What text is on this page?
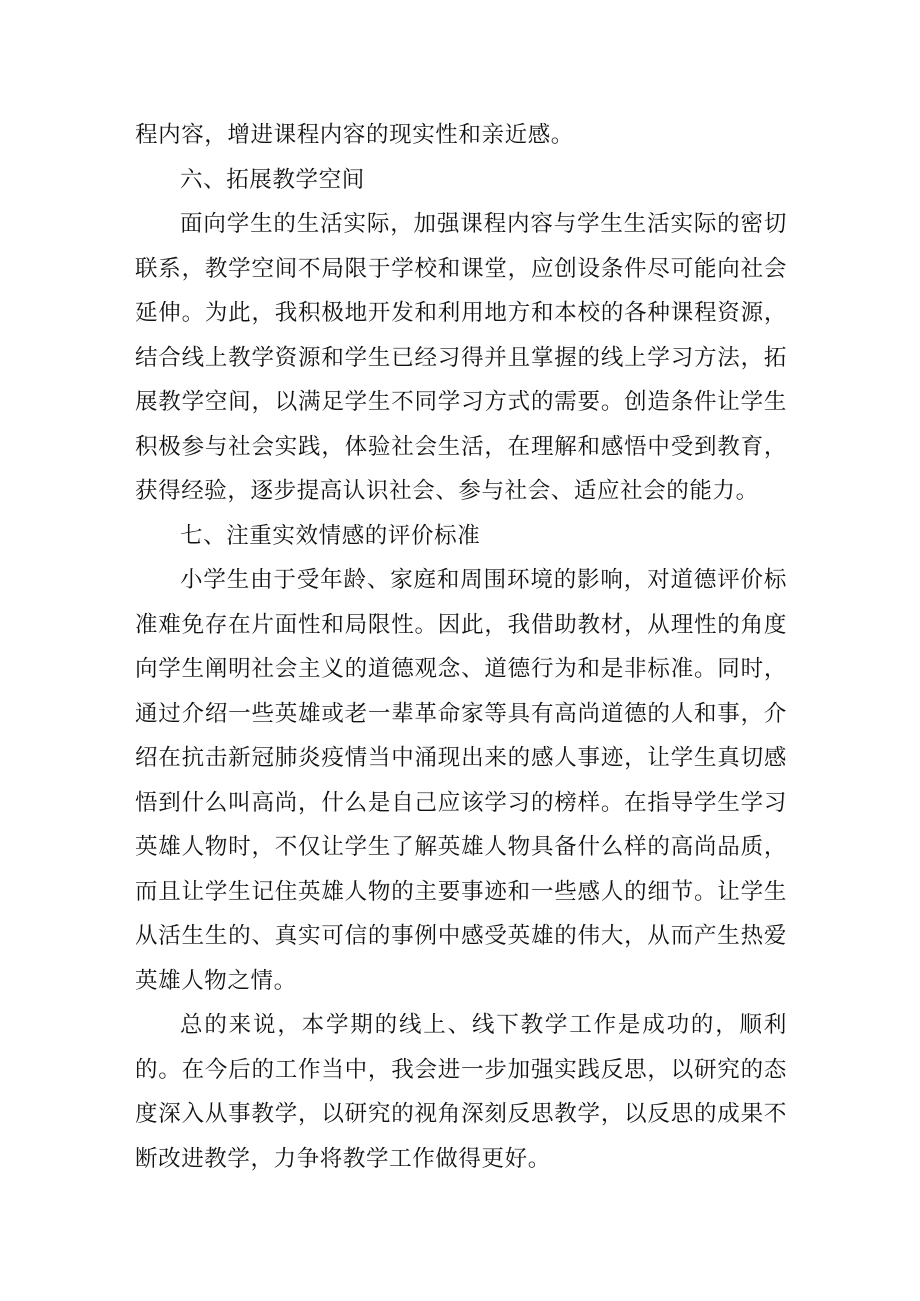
程内容，增进课程内容的现实性和亲近感。

六、拓展教学空间

面向学生的生活实际，加强课程内容与学生生活实际的密切联系，教学空间不局限于学校和课堂，应创设条件尽可能向社会延伸。为此，我积极地开发和利用地方和本校的各种课程资源，结合线上教学资源和学生已经习得并且掌握的线上学习方法，拓展教学空间，以满足学生不同学习方式的需要。创造条件让学生积极参与社会实践，体验社会生活，在理解和感悟中受到教育，获得经验，逐步提高认识社会、参与社会、适应社会的能力。

七、注重实效情感的评价标准

小学生由于受年龄、家庭和周围环境的影响，对道德评价标准难免存在片面性和局限性。因此，我借助教材，从理性的角度向学生阐明社会主义的道德观念、道德行为和是非标准。同时，通过介绍一些英雄或老一辈革命家等具有高尚道德的人和事，介绍在抗击新冠肺炎疫情当中涌现出来的感人事迹，让学生真切感悟到什么叫高尚，什么是自己应该学习的榜样。在指导学生学习英雄人物时，不仅让学生了解英雄人物具备什么样的高尚品质，而且让学生记住英雄人物的主要事迹和一些感人的细节。让学生从活生生的、真实可信的事例中感受英雄的伟大，从而产生热爱英雄人物之情。

总的来说，本学期的线上、线下教学工作是成功的，顺利的。在今后的工作当中，我会进一步加强实践反思，以研究的态度深入从事教学，以研究的视角深刻反思教学，以反思的成果不断改进教学，力争将教学工作做得更好。
